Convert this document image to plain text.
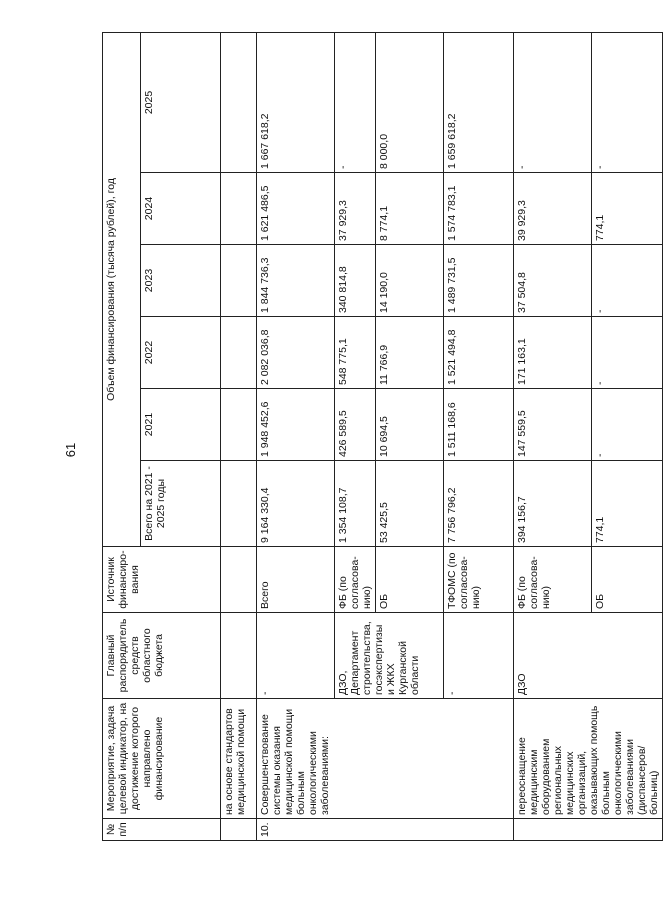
61
№ п/п	Мероприятие, задача целевой индикатор, на достижение которого направлено финансирование	Главный распорядитель средств областного бюджета	Источник финансиро-вания	Объем финансирования (тысяча рублей), год					
				Всего на 2021 - 2025 годы	2021	2022	2023	2024	2025
	на основе стандартов медицинской помощи								
10.	Совершенствование системы оказания медицинской помощи больным онкологическими заболеваниями:	-	Всего	9 164 330,4	1 948 452,6	2 082 036,8	1 844 736,3	1 621 486,5	1 667 618,2
		ДЗО, Департамент строительства, госэкспертизы и ЖКХ Курганской области	ФБ (по согласова-нию)	1 354 108,7	426 589,5	548 775,1	340 814,8	37 929,3	-
			ОБ	53 425,5	10 694,5	11 766,9	14 190,0	8 774,1	8 000,0
		-	ТФОМС (по согласова-нию)	7 756 796,2	1 511 168,6	1 521 494,8	1 489 731,5	1 574 783,1	1 659 618,2
	переоснащение медицинским оборудованием региональных медицинских организаций, оказывающих помощь больным онкологическими заболеваниями (диспансеров/ больниц)	ДЗО	ФБ (по согласова-нию)	394 156,7	147 559,5	171 163,1	37 504,8	39 929,3	-
			ОБ	774,1	-	-	-	774,1	-
